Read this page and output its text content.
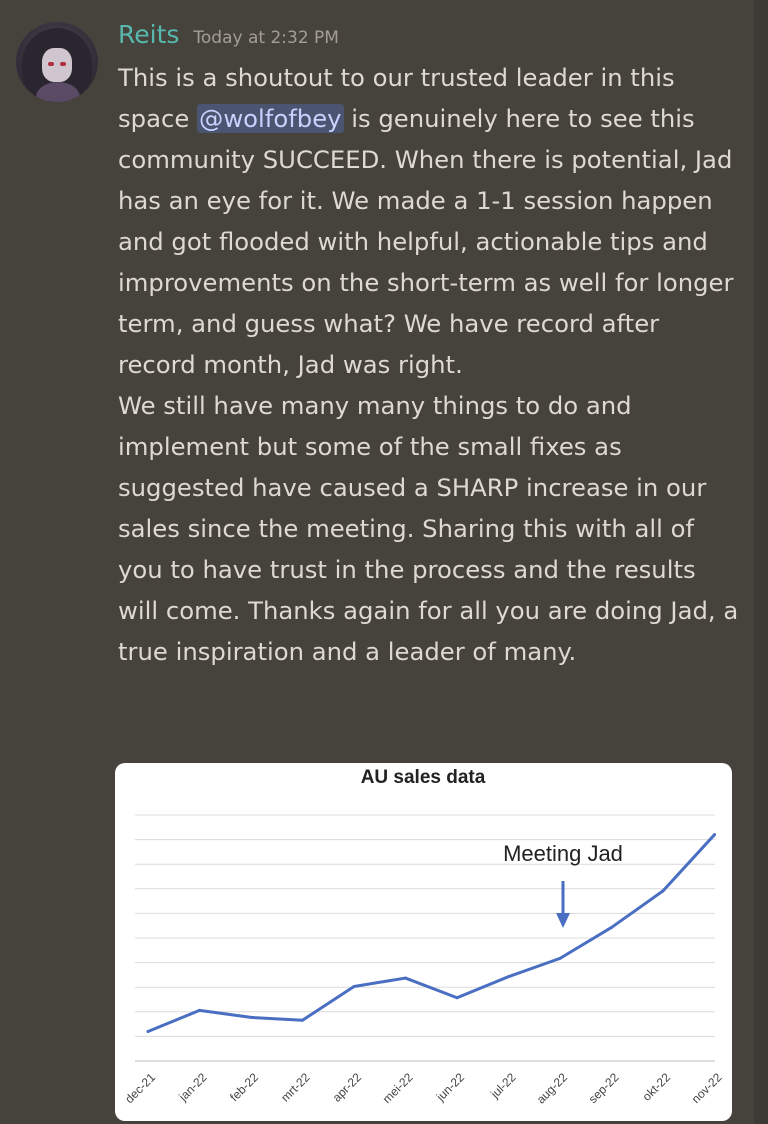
Reits Today at 2:32 PM

This is a shoutout to our trusted leader in this space @wolfofbey is genuinely here to see this community SUCCEED. When there is potential, Jad has an eye for it. We made a 1-1 session happen and got flooded with helpful, actionable tips and improvements on the short-term as well for longer term, and guess what? We have record after record month, Jad was right.

We still have many many things to do and implement but some of the small fixes as suggested have caused a SHARP increase in our sales since the meeting. Sharing this with all of you to have trust in the process and the results will come. Thanks again for all you are doing Jad, a true inspiration and a leader of many.

AU sales data
dec-21 jan-22 feb-22 mrt-22 apr-22 mei-22 jun-22 jul-22 aug-22 sep-22 okt-22 nov-22
Meeting Jad
